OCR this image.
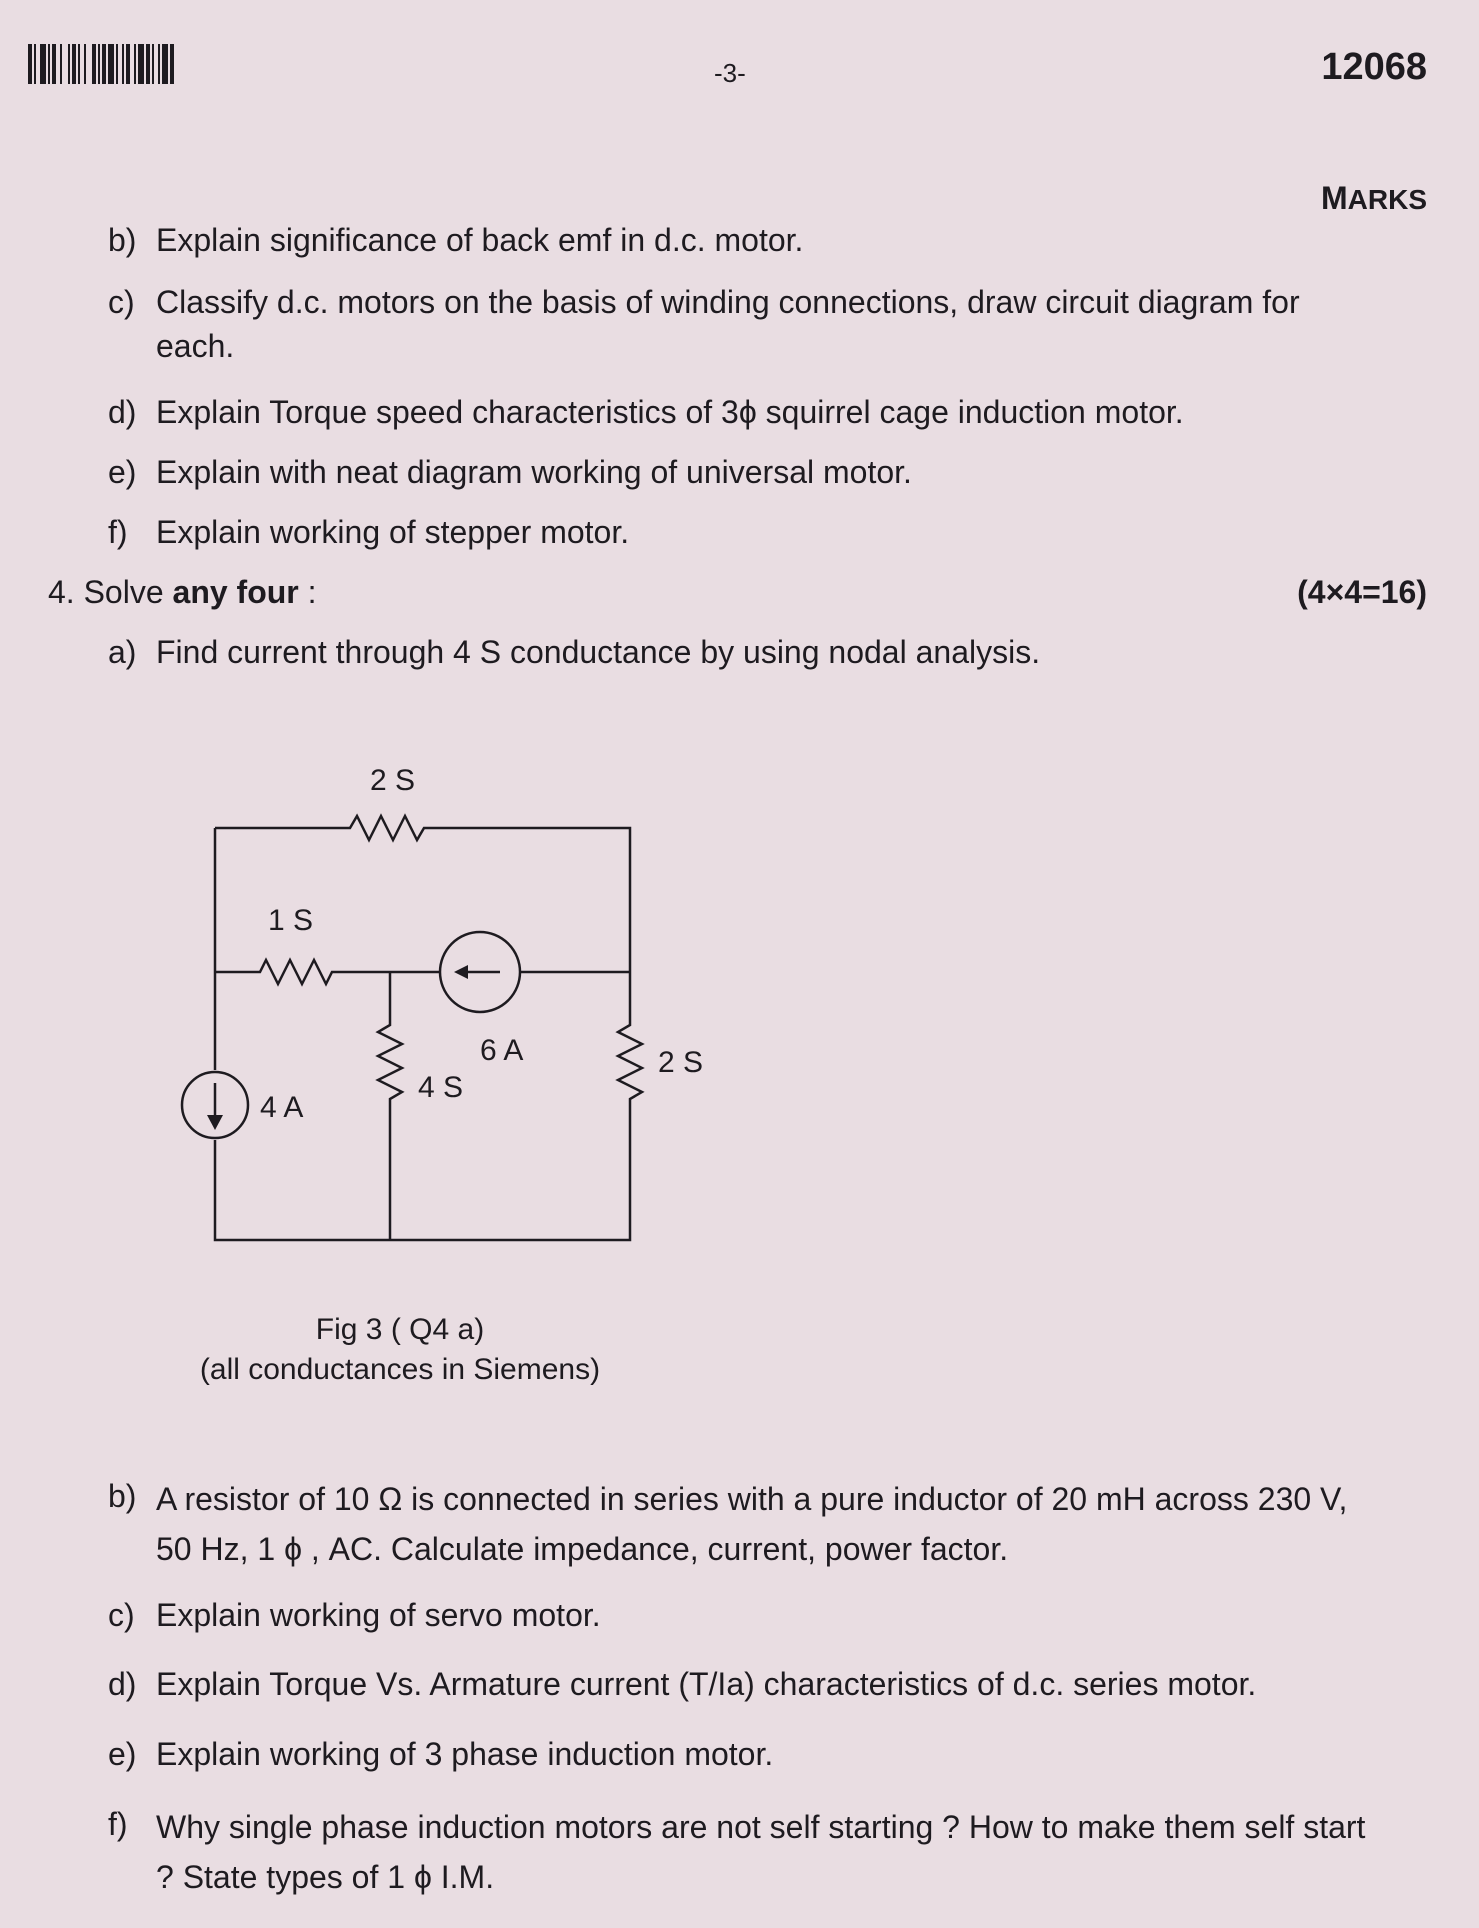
-3-	12068
MARKS
b) Explain significance of back emf in d.c. motor.
c) Classify d.c. motors on the basis of winding connections, draw circuit diagram for each.
d) Explain Torque speed characteristics of 3ϕ squirrel cage induction motor.
e) Explain with neat diagram working of universal motor.
f) Explain working of stepper motor.
4. Solve any four :	(4×4=16)
a) Find current through 4 S conductance by using nodal analysis.
2 S
1 S
4 A
4 S
6 A	2 S
Fig 3 ( Q4 a)
(all conductances in Siemens)
b) A resistor of 10 Ω is connected in series with a pure inductor of 20 mH across 230 V, 50 Hz, 1 ϕ , AC. Calculate impedance, current, power factor.
c) Explain working of servo motor.
d) Explain Torque Vs. Armature current (T/Ia) characteristics of d.c. series motor.
e) Explain working of 3 phase induction motor.
f) Why single phase induction motors are not self starting ? How to make them self start ? State types of 1 ϕ I.M.
